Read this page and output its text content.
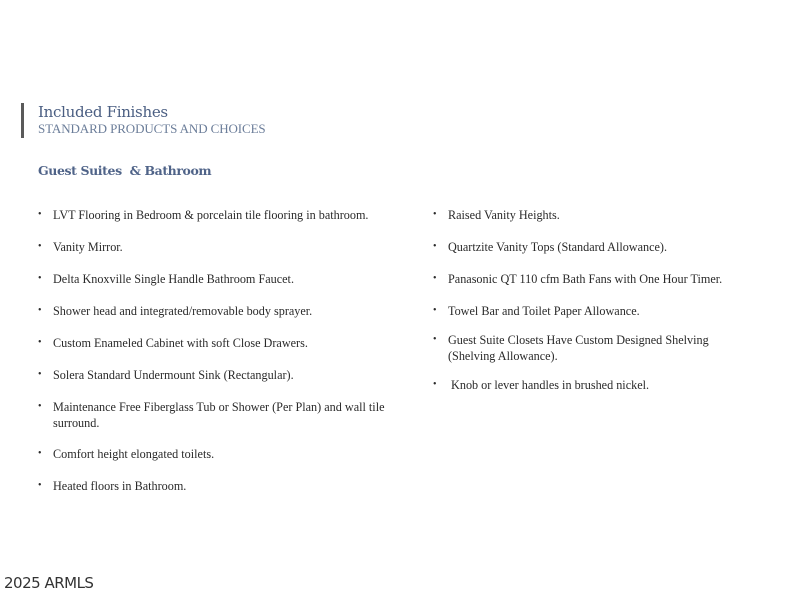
Included Finishes
STANDARD PRODUCTS AND CHOICES
Guest Suites  & Bathroom
• LVT Flooring in Bedroom & porcelain tile flooring in bathroom.
• Vanity Mirror.
• Delta Knoxville Single Handle Bathroom Faucet.
• Shower head and integrated/removable body sprayer.
• Custom Enameled Cabinet with soft Close Drawers.
• Solera Standard Undermount Sink (Rectangular).
• Maintenance Free Fiberglass Tub or Shower (Per Plan) and wall tile surround.
• Comfort height elongated toilets.
• Heated floors in Bathroom.
• Raised Vanity Heights.
• Quartzite Vanity Tops (Standard Allowance).
• Panasonic QT 110 cfm Bath Fans with One Hour Timer.
• Towel Bar and Toilet Paper Allowance.
• Guest Suite Closets Have Custom Designed Shelving (Shelving Allowance).
• Knob or lever handles in brushed nickel.
2025 ARMLS
